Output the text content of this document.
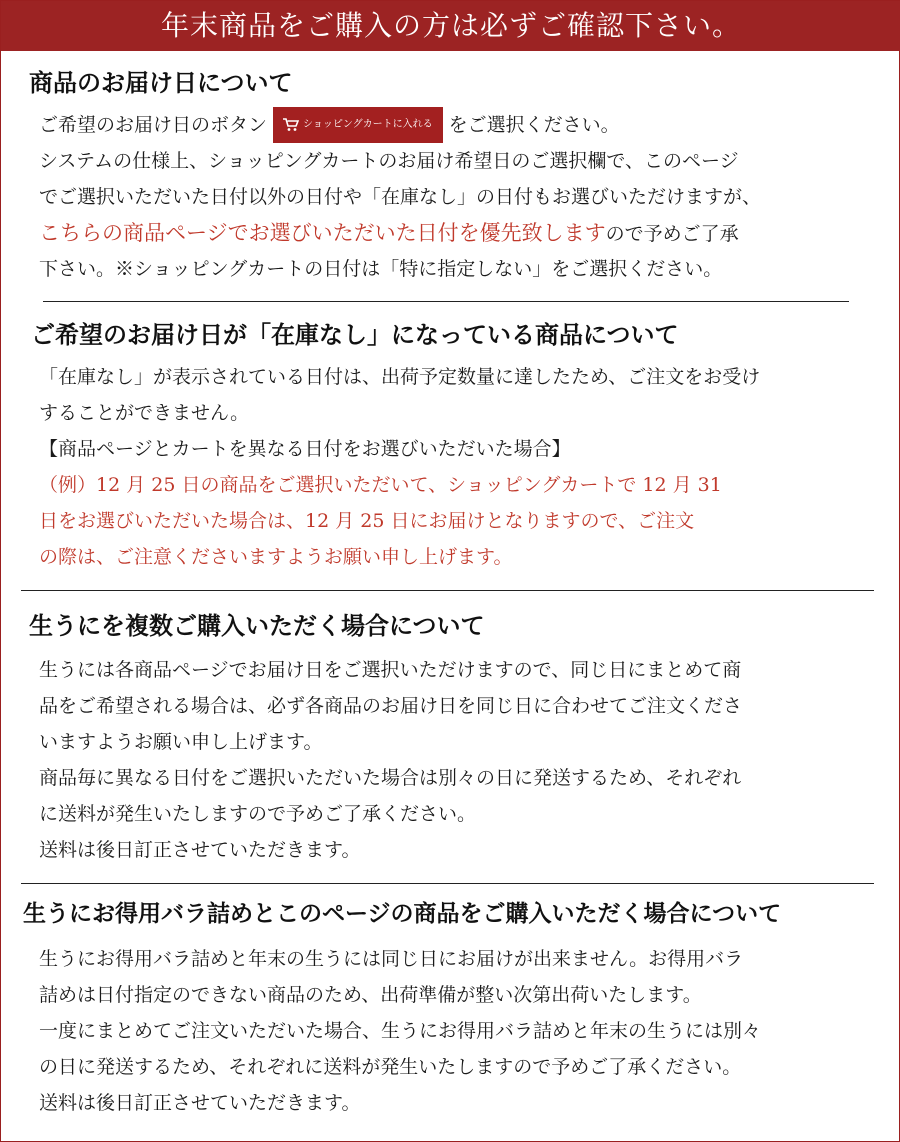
年末商品をご購入の方は必ずご確認下さい。
商品のお届け日について
ご希望のお届け日のボタン	ショッピングカートに入れる をご選択ください。
システムの仕様上、ショッピングカートのお届け希望日のご選択欄で、このページ
でご選択いただいた日付以外の日付や「在庫なし」の日付もお選びいただけますが、
こちらの商品ページでお選びいただいた日付を優先致しますので予めご了承
下さい。※ショッピングカートの日付は「特に指定しない」をご選択ください。
ご希望のお届け日が「在庫なし」になっている商品について
「在庫なし」が表示されている日付は、出荷予定数量に達したため、ご注文をお受け
することができません。
【商品ページとカートを異なる日付をお選びいただいた場合】
（例）12 月 25 日の商品をご選択いただいて、ショッピングカートで 12 月 31
日をお選びいただいた場合は、12 月 25 日にお届けとなりますので、ご注文
の際は、ご注意くださいますようお願い申し上げます。
生うにを複数ご購入いただく場合について
生うには各商品ページでお届け日をご選択いただけますので、同じ日にまとめて商
品をご希望される場合は、必ず各商品のお届け日を同じ日に合わせてご注文くださ
いますようお願い申し上げます。
商品毎に異なる日付をご選択いただいた場合は別々の日に発送するため、それぞれ
に送料が発生いたしますので予めご了承ください。
送料は後日訂正させていただきます。
生うにお得用バラ詰めとこのページの商品をご購入いただく場合について
生うにお得用バラ詰めと年末の生うには同じ日にお届けが出来ません。お得用バラ
詰めは日付指定のできない商品のため、出荷準備が整い次第出荷いたします。
一度にまとめてご注文いただいた場合、生うにお得用バラ詰めと年末の生うには別々
の日に発送するため、それぞれに送料が発生いたしますので予めご了承ください。
送料は後日訂正させていただきます。
